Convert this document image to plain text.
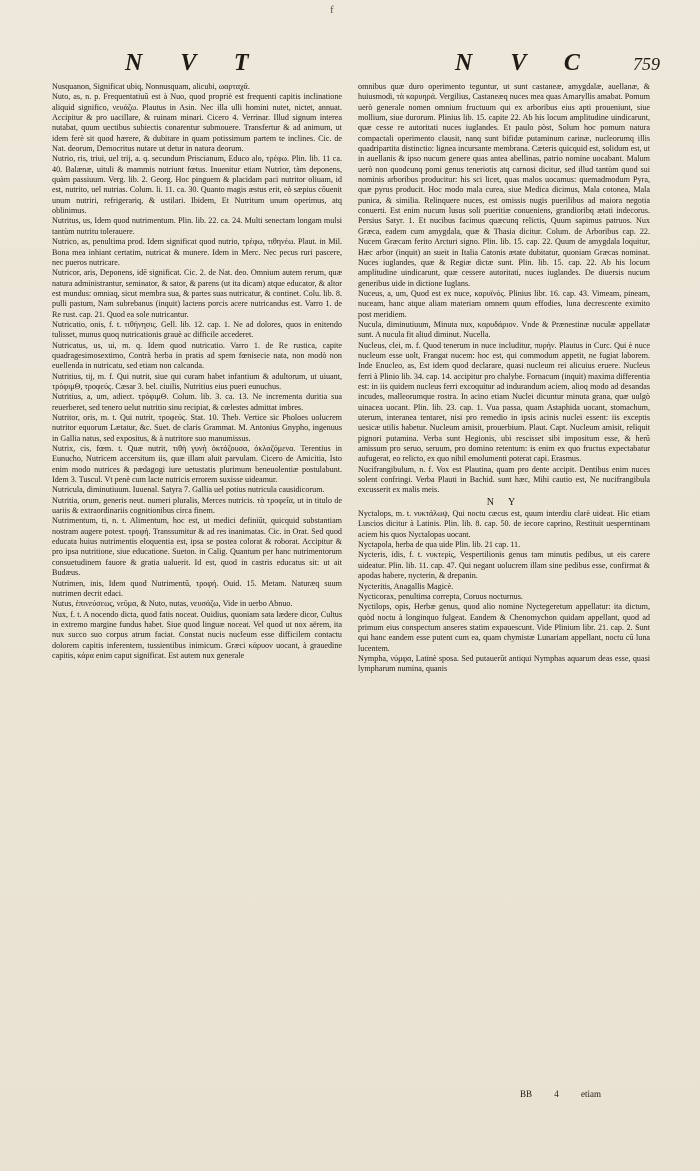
f
N V T	N V C 759

Nusquanon, Significat ubiq, Nonnusquam, alicubi, ωαρταχᾶ.

Nuto, as, n. p. Frequentatiuū est à Nuo, quod propriè est frequenti capitis inclinatione aliquid significo, νευάζω. Plautus in Asin. Nec illa ulli homini nutet, nictet, annuat. Accipitur & pro uacillare, & ruinam minari. Cicero 4. Verrinar. Illud signum interea nutabat, quum uectibus subiectis conarentur submouere. Transfertur & ad animum, ut idem ferè sit quod hærere, & dubitare in quam potissimum partem te inclines. Cic. de Nat. deorum, Democritus nutare ut detur in natura deorum.

Nutrio, ris, triui, uel trij, a. q. secundum Priscianum, Educo alo, τρέφω. Plin. lib. 11 ca. 40. Balænæ, uituli & mammis nutriunt fœtus. Inuenitur etiam Nutrior, tàm deponens, quàm passiuum. Verg. lib. 2. Georg. Hoc pinguem & placidam paci nutritor oliuam, id est, nutrito, uel nutrias. Colum. li. 11. ca. 30. Quanto magis æstus erit, eò sæpius cōuenit unum nutriri, refrigerariq, & ustilari. Ibidem, Et Nutritum unum operimus, atq oblinimus.

Nutritus, us, Idem quod nutrimentum. Plin. lib. 22. ca. 24. Multi senectam longam mulsi tantùm nutritu tolerauere.

Nutrico, as, penultima prod. Idem significat quod nutrio, τρέφω, τιθηνέω. Plaut. in Mil. Bona mea inhiant certatim, nutricat & munere. Idem in Merc. Nec pecus ruri pascere, nec pueros nutricare.

Nutricor, aris, Deponens, idē significat. Cic. 2. de Nat. deo. Omnium autem rerum, quæ natura administrantur, seminator, & sator, & parens (ut ita dicam) atque educator, & altor est mundus: omniaq, sicut membra sua, & partes suas nutricatur, & continet. Colu. lib. 8. pulli pastum, Nam subrebanus (inquit) lactens porcis acere nutricandus est. Varro 1. de Re rust. cap. 21. Quod ea sole nutricantur.

Nutricatio, onis, f. t. τιθήνησις. Gell. lib. 12. cap. 1. Ne ad dolores, quos in enitendo tulisset, munus quoq nutricationis grauè ac difficile accederet.

Nutricatus, us, ui, m. q. Idem quod nutricatio. Varro 1. de Re rustica, capite quadragesimosextimo, Contrà herba in pratis ad spem fœnisecie nata, non modò non euellenda in nutricatu, sed etiam non calcanda.

Nutritius, tij, m. f. Qui nutrit, siue qui curam habet infantium & adultorum, ut uiuant, τρόφιμΘ, τροφεύς. Cæsar 3. bel. ciuilis, Nutritius eius pueri eunuchus.

Nutritius, a, um, adiect. τρόφιμΘ. Colum. lib. 3. ca. 13. Ne incrementa duritia sua reuerberet, sed tenero uelut nutritio sinu recipiat, & cœlestes admittat imbres.

Nutritor, oris, m. t. Qui nutrit, τροφεύς. Stat. 10. Theb. Vertice sic Pholoes uolucrem nutritor equorum Lætatur, &c. Suet. de claris Grammat. M. Antonius Gnypho, ingenuus in Gallia natus, sed expositus, & à nutritore suo manumissus.

Nutrix, cis, fœm. t. Quæ nutrit, τιθὴ γυνὴ ὁκτάζουσα, ὀκλαζόμενα. Terentius in Eunucho, Nutricem accersitum iis, quæ illam aluit parvulam. Cicero de Amicitia, Isto enim modo nutrices & pædagogi iure uetustatis plurimum beneuolentiæ postulabunt. Idem 3. Tuscul. Vt penè cum lacte nutricis errorem suxisse uideamur.

Nutricula, diminutiuum. Iuuenal. Satyra 7. Gallia uel potius nutricula causidicorum.

Nutritia, orum, generis neut. numeri pluralis, Merces nutricis. τὰ τροφεῖα, ut in titulo de uariis & extraordinariis cognitionibus circa finem.

Nutrimentum, ti, n. t. Alimentum, hoc est, ut medici definiūt, quicquid substantiam nostram augere potest. τροφή. Transsumitur & ad res inanimatas. Cic. in Orat. Sed quod educata huius nutrimentis eloquentia est, ipsa se postea colorat & roborat. Accipitur & pro ipsa nutritione, siue educatione. Sueton. in Calig. Quantum per hanc nutrimentorum consuetudinem fauore & gratia ualuerit. Id est, quod in castris educatus sit: ut ait Budæus.

Nutrimen, inis, Idem quod Nutrimentū, τροφή. Ouid. 15. Metam. Naturæq suum nutrimen decrit edaci.

Nutus, ἐπινεύσεως, νεῦμα, & Nuto, nutas, νευσάζω, Vide in uerbo Abnuo.

Nux, f. t. A nocendo dicta, quod fatis noceat. Ouidius, quoniam sata lædere dicor, Cultus in extremo margine fundus habet. Siue quod linguæ noceat. Vel quod ut nox aërem, ita nux succo suo corpus atrum faciat. Constat nucis nucleum esse difficilem contactu dolorem capitis inferentem, tussientibus inimicum. Græci κάρυον uocant, à grauedine capitis, κάρα enim caput significat. Est autem nux generale

omnibus quæ duro operimento teguntur, ut sunt castaneæ, amygdalæ, auellanæ, & huiusmodi, τὰ καρυηρά. Vergilius, Castaneæq nuces mea quas Amaryllis amabat. Pomum uerò generale nomen omnium fructuum qui ex arboribus eius apti proueniunt, siue mollium, siue durorum. Plinius lib. 15. capite 22. Ab his locum amplitudine uindicarunt, quæ cesse re autoritati nuces iuglandes. Et paulo pòst, Solum hoc pomum natura compactali operimento clausit, nanq sunt bifidæ putaminum carinæ, nucleorumq illis quadripartita distinctio: lignea incursante membrana. Cæteris quicquid est, solidum est, ut in auellanis & ipso nucum genere quas antea abellinas, patrio nomine uocabant. Malum uerò non quodcunq pomi genus teneriotis atq carnosi dicitur, sed illud tantùm quod sui nominis arboribus producitur: his sci licet, quas malos uocamus: quemadmodum Pyra, quæ pyrus producit. Hoc modo mala curea, siue Medica dicimus, Mala cotonea, Mala punica, & similia. Relinquere nuces, est omissis nugis puerilibus ad maiora negotia conuerti. Est enim nucum lusus soli pueritiæ conueniens, grandioribq ætati indecorus. Persius Satyr. 1. Et nucibus facimus quæcunq relictis, Quum sapimus patruos. Nux Græca, eadem cum amygdala, quæ & Thasia dicitur. Colum. de Arboribus cap. 22. Nucem Græcam ferito Arcturi signo. Plin. lib. 15. cap. 22. Quum de amygdala loquitur, Hæc arbor (inquit) an sueit in Italia Catonis ætate dubitatur, quoniam Græcas nominat. Nuces iuglandes, quæ & Regiæ dictæ sunt. Plin. lib. 15. cap. 22. Ab his locum amplitudine uindicarunt, quæ cessere autoritati, nuces iuglandes. De diuersis nucum generibus uide in dictione Iuglans.

Nuceus, a, um, Quod est ex nuce, καρυϊνός. Plinius libr. 16. cap. 43. Vimeam, pineam, nuceam, hanc atque aliam materiam omnem quum effodies, luna decrescente eximito post meridiem.

Nucula, diminutiuum, Minuta nux, καρυδάριον. Vnde & Prænestinæ nuculæ appellatæ sunt. A nucula fit aliud diminut. Nucella.

Nucleus, clei, m. f. Quod tenerum in nuce includitur, πυρήν. Plautus in Curc. Qui è nuce nucleum esse uolt, Frangat nucem: hoc est, qui commodum appetit, ne fugiat laborem. Inde Enucleo, as, Est idem quod declarare, quasi nucleum rei alicuius eruere. Nucleus ferri à Plinio lib. 34. cap. 14. accipitur pro chalybe. Fornacum (inquit) maxima differentia est: in iis quidem nucleus ferri excoquitur ad indurandum aciem, alioq modo ad desandas incudes, malleorumque rostra. In acino etiam Nuclei dicuntur minuta grana, quæ uulgò uinacea uocant. Plin. lib. 23. cap. 1. Vua passa, quam Astaphida uocant, stomachum, uterum, interanea tentaret, nisi pro remedio in ipsis acinis nuclei essent: iis exceptis uesicæ utilis habetur. Nucleum amisit, prouerbium. Plaut. Capt. Nucleum amisit, reliquit pignori putamina. Verba sunt Hegionis, ubi rescisset sibi impositum esse, & herū amissum pro seruo, seruum, pro domino retentum: is enim ex quo fructus expectabatur aufugerat, eo relicto, ex quo nihil emolumenti poterat capi. Erasmus.

Nucifrangibulum, n. f. Vox est Plautina, quam pro dente accipit. Dentibus enim nuces solent confringi. Verba Plauti in Bachid. sunt hæc, Mihi cautio est, Ne nucifrangibula excusserit ex malis meis.

N Y

Nyctalops, m. t. νυκτάλωψ, Qui noctu cæcus est, quum interdiu clarè uideat. Hic etiam Luscios dicitur à Latinis. Plin. lib. 8. cap. 50. de iecore caprino, Restituit uesperntinam aciem his quos Nyctalopas uocant.

Nyctapola, herba de qua uide Plin. lib. 21 cap. 11.

Nycteris, idis, f. t. νυκτερίς, Vespertilionis genus tam minutis pedibus, ut eis carere uideatur. Plin. lib. 11. cap. 47. Qui negant uolucrem illam sine pedibus esse, confirmat & apodas habere, nycterin, & drepanin.

Nycteritis, Anagallis Magicè.

Nycticorax, penultima correpta, Coruus nocturnus.

Nyctilops, opis, Herbæ genus, quod alio nomine Nyctegeretum appellatur: ita dictum, quòd noctu à longinquo fulgeat. Eandem & Chenomychon quidam appellant, quod ad primum eius conspectum anseres statim expauescunt. Vide Plinium libr. 21. cap. 2. Sunt qui hanc eandem esse putent cum ea, quam chymistæ Lunariam appellant, noctu cū luna lucentem.

Nympha, νύμφα, Latinè sposa. Sed putauerūt antiqui Nymphas aquarum deas esse, quasi lympharum numina, quanis

BB 4 etiam
